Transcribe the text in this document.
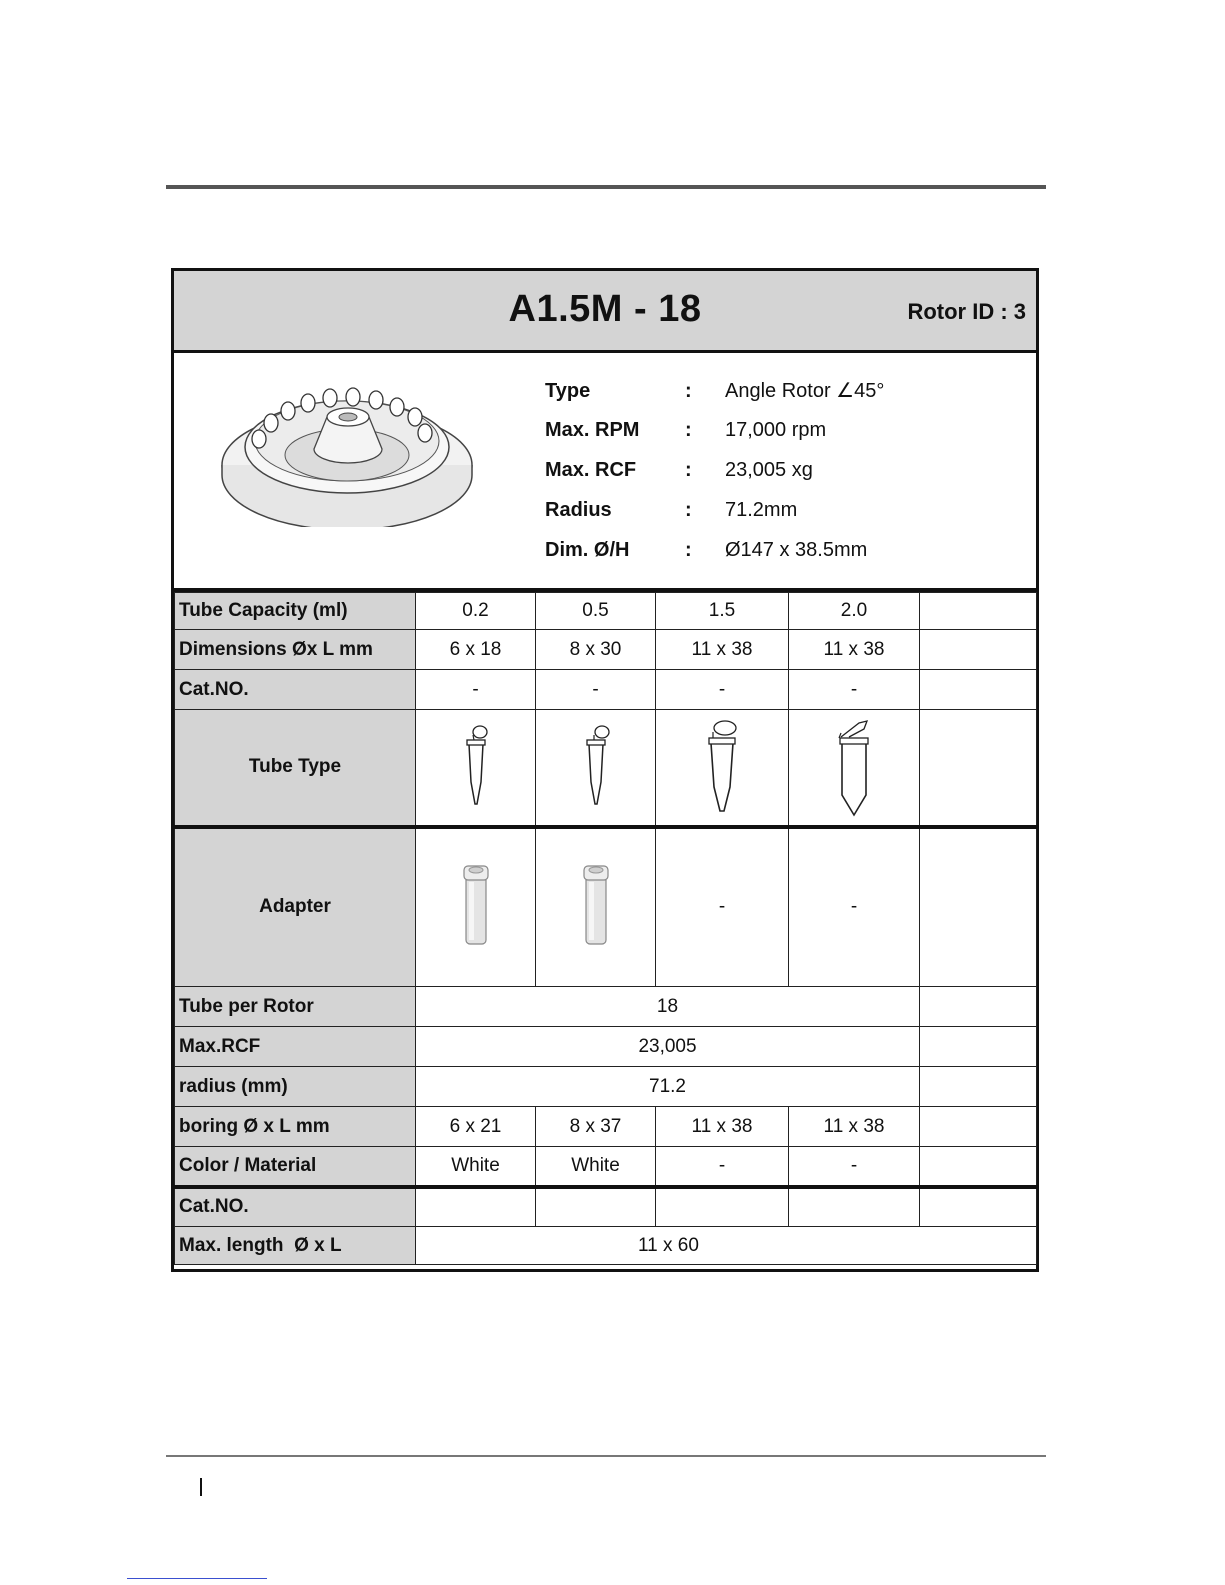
A1.5M - 18	Rotor ID : 3
Type	: Angle Rotor ∠45°
Max. RPM	: 17,000 rpm
Max. RCF	: 23,005 xg
Radius	: 71.2mm
Dim. Ø/H	: Ø147 x 38.5mm
Tube Capacity (ml)	0.2	0.5	1.5	2.0	
Dimensions Øx L mm	6 x 18	8 x 30	11 x 38	11 x 38	
Cat.NO.	-	-	-	-	
Tube Type	

Adapter			-	-	
Tube per Rotor	18				
Max.RCF	23,005				
radius (mm)	71.2				
boring Ø x L mm	6 x 21	8 x 37	11 x 38	11 x 38	
Color / Material	White	White	-	-	
Cat.NO.					
Max. length  Ø x L	11 x 60				
